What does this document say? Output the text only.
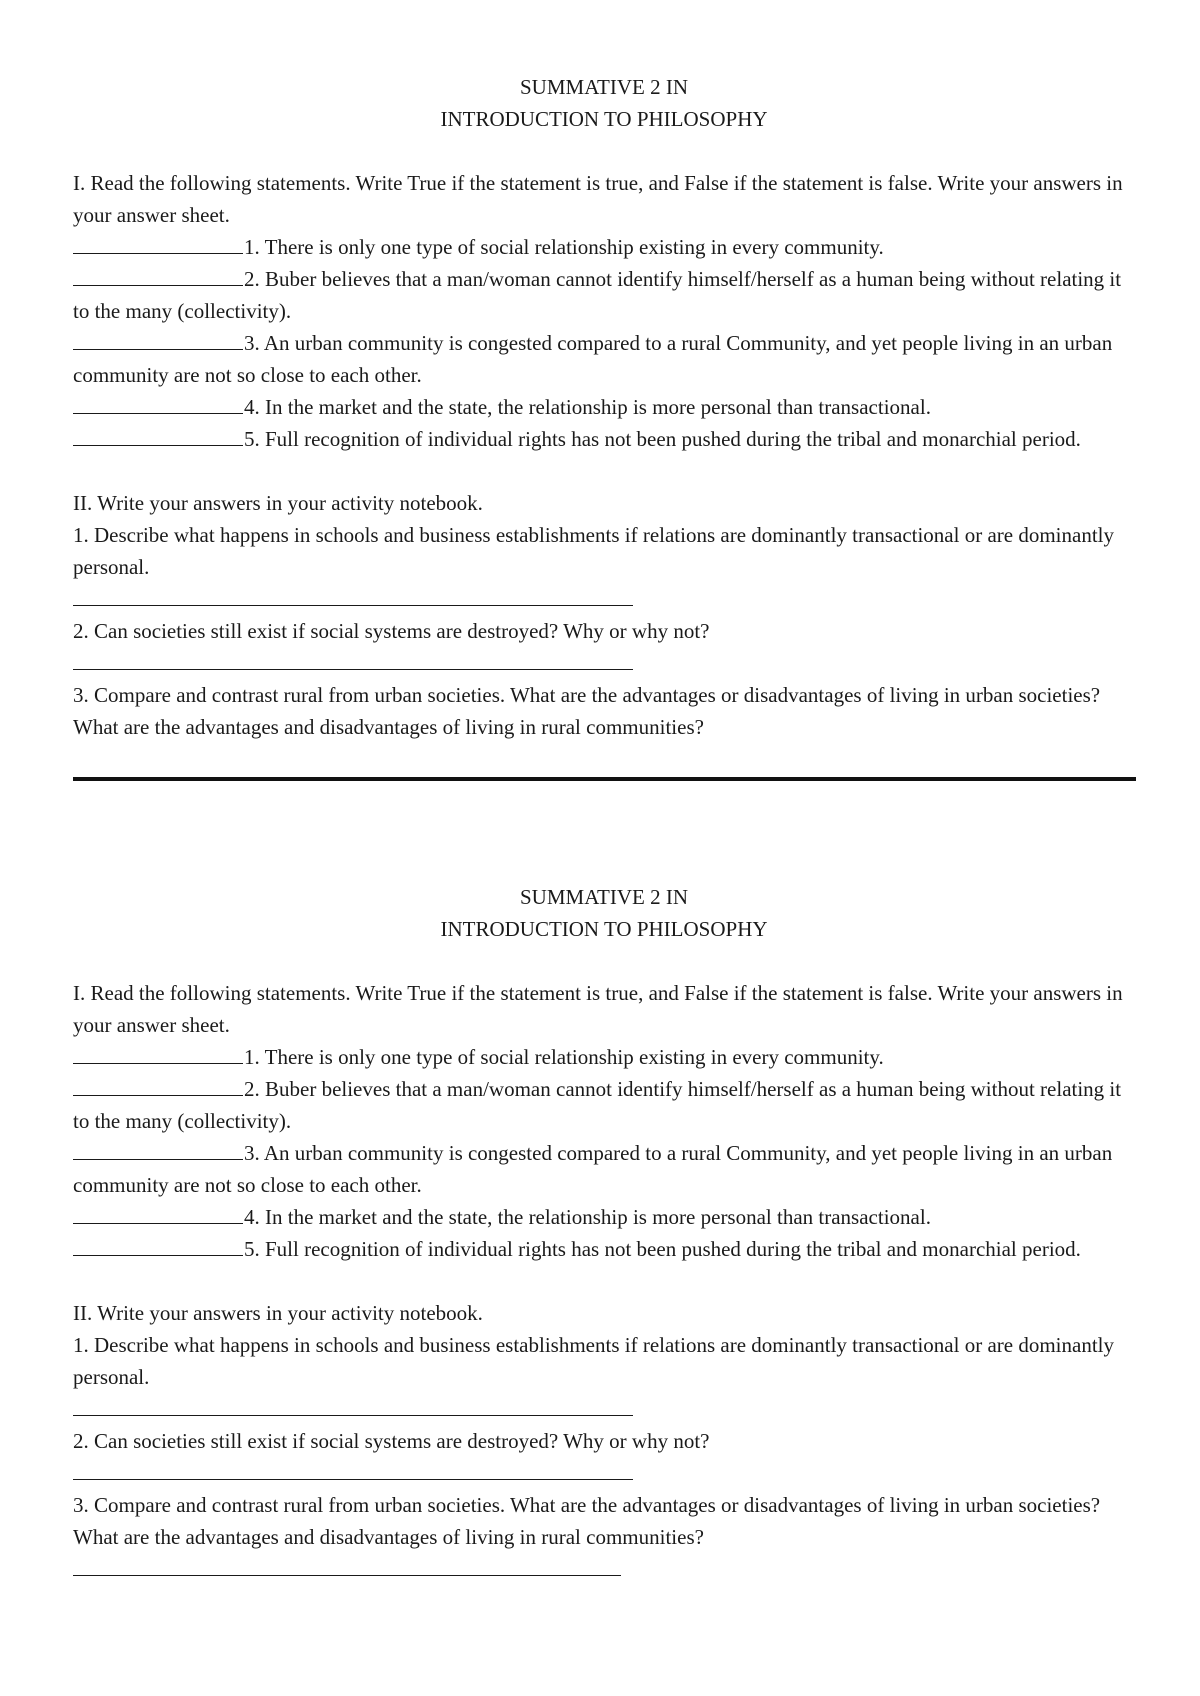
SUMMATIVE 2 IN
INTRODUCTION TO PHILOSOPHY
I. Read the following statements. Write True if the statement is true, and False if the statement is false. Write your answers in your answer sheet.
1. There is only one type of social relationship existing in every community.
2. Buber believes that a man/woman cannot identify himself/herself as a human being without relating it to the many (collectivity).
3. An urban community is congested compared to a rural Community, and yet people living in an urban community are not so close to each other.
4. In the market and the state, the relationship is more personal than transactional.
5. Full recognition of individual rights has not been pushed during the tribal and monarchial period.
II. Write your answers in your activity notebook.
1. Describe what happens in schools and business establishments if relations are dominantly transactional or are dominantly personal.
2. Can societies still exist if social systems are destroyed? Why or why not?
3. Compare and contrast rural from urban societies. What are the advantages or disadvantages of living in urban societies? What are the advantages and disadvantages of living in rural communities?
SUMMATIVE 2 IN
INTRODUCTION TO PHILOSOPHY
I. Read the following statements. Write True if the statement is true, and False if the statement is false. Write your answers in your answer sheet.
1. There is only one type of social relationship existing in every community.
2. Buber believes that a man/woman cannot identify himself/herself as a human being without relating it to the many (collectivity).
3. An urban community is congested compared to a rural Community, and yet people living in an urban community are not so close to each other.
4. In the market and the state, the relationship is more personal than transactional.
5. Full recognition of individual rights has not been pushed during the tribal and monarchial period.
II. Write your answers in your activity notebook.
1. Describe what happens in schools and business establishments if relations are dominantly transactional or are dominantly personal.
2. Can societies still exist if social systems are destroyed? Why or why not?
3. Compare and contrast rural from urban societies. What are the advantages or disadvantages of living in urban societies? What are the advantages and disadvantages of living in rural communities?
